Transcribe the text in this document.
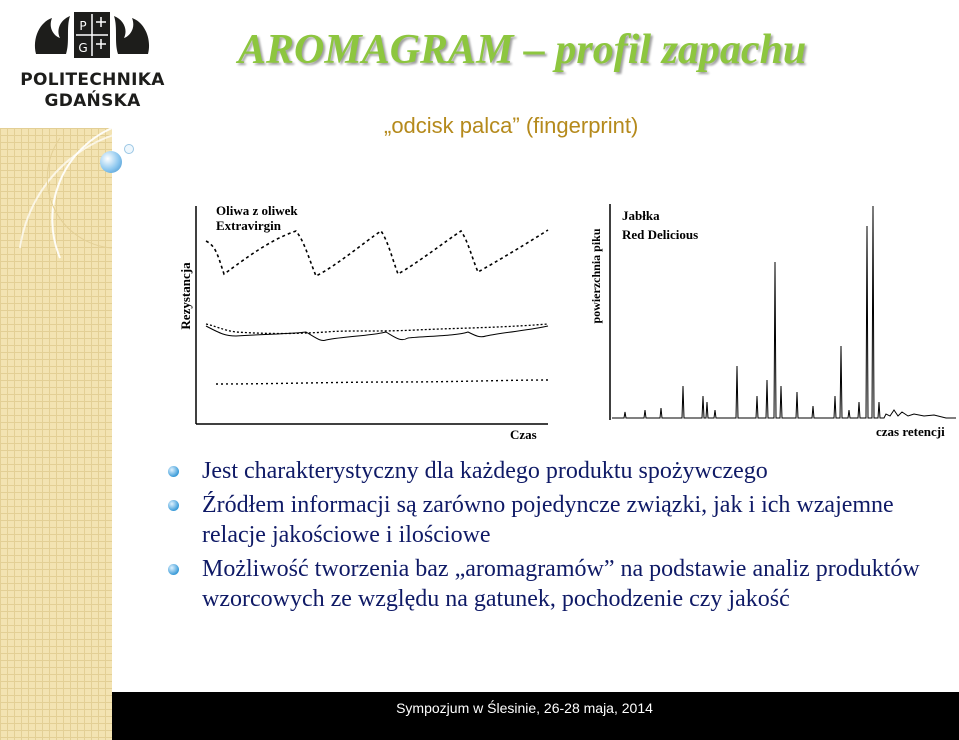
P
G
POLITECHNIKA
GDAŃSKA
AROMAGRAM – profil zapachu
„odcisk palca” (fingerprint)
Oliwa z oliwek
Extravirgin
Rezystancja
Czas
Jabłka
Red Delicious
powierzchnia piku
czas retencji
Jest charakterystyczny dla każdego produktu spożywczego
Źródłem informacji są zarówno pojedyncze związki, jak i ich wzajemne relacje jakościowe i ilościowe
Możliwość tworzenia baz „aromagramów” na podstawie analiz produktów wzorcowych ze względu na gatunek, pochodzenie czy jakość
Sympozjum w Ślesinie, 26-28 maja, 2014
